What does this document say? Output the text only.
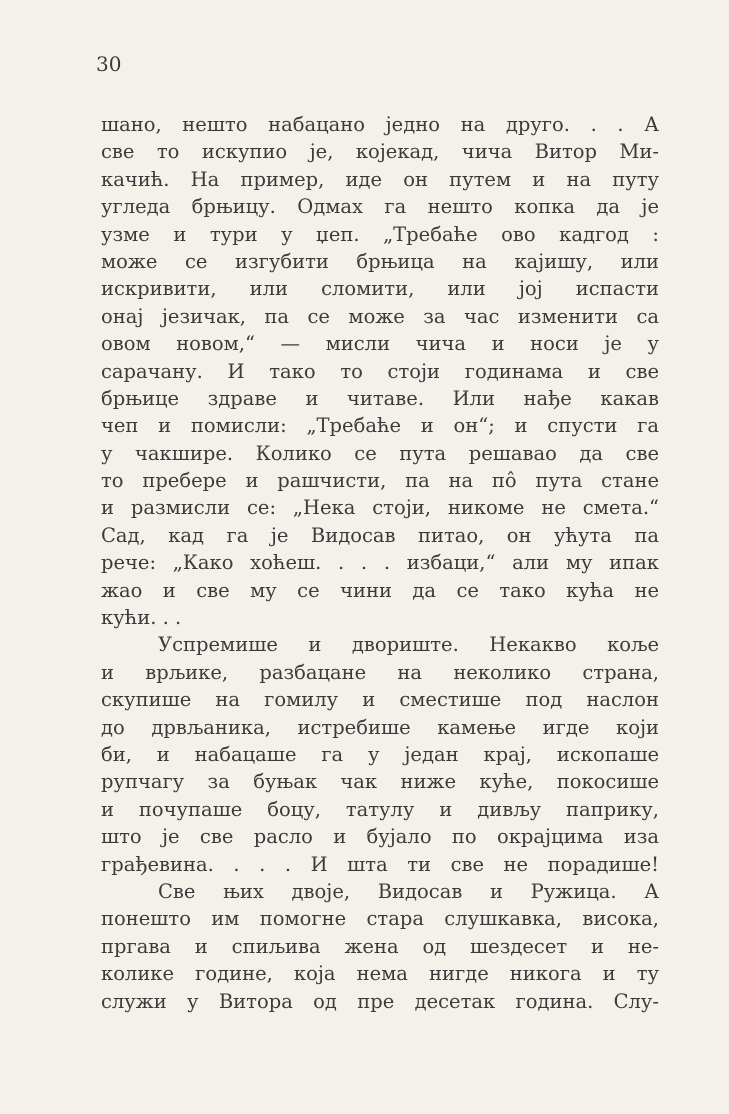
30
шано, нешто набацано једно на друго. . . А
све то искупио је, којекад, чича Витор Ми-
качић. На пример, иде он путем и на путу
угледа брњицу. Одмах га нешто копка да је
узме и тури у џеп. „Требаће ово кадгод :
може се изгубити брњица на кајишу, или
искривити, или сломити, или јој испасти
онај језичак, па се може за час изменити са
овом новом,“ — мисли чича и носи је у
сарачану. И тако то стоји годинама и све
брњице здраве и читаве. Или нађе какав
чеп и помисли: „Требаће и он“; и спусти га
у чакшире. Колико се пута решавао да све
то пребере и рашчисти, па на пô пута стане
и размисли се: „Нека стоји, никоме не смета.“
Сад, кад га је Видосав питао, он ућута па
рече: „Како хоћеш. . . . избаци,“ али му ипак
жао и све му се чини да се тако кућа не
кући. . .
Успремише и двориште. Некакво коље
и врљике, разбацане на неколико страна,
скупише на гомилу и сместише под наслон
до дрвљаника, истребише камење игде који
би, и набацаше га у један крај, ископаше
рупчагу за буњак чак ниже куће, покосише
и почупаше боцу, татулу и дивљу паприку,
што је све расло и бујало по окрајцима иза
грађевина. . . . И шта ти све не порадише!
Све њих двоје, Видосав и Ружица. А
понешто им помогне стара слушкавка, висока,
пргава и спиљива жена од шездесет и не-
колике године, која нема нигде никога и ту
служи у Витора од пре десетак година. Слу-
